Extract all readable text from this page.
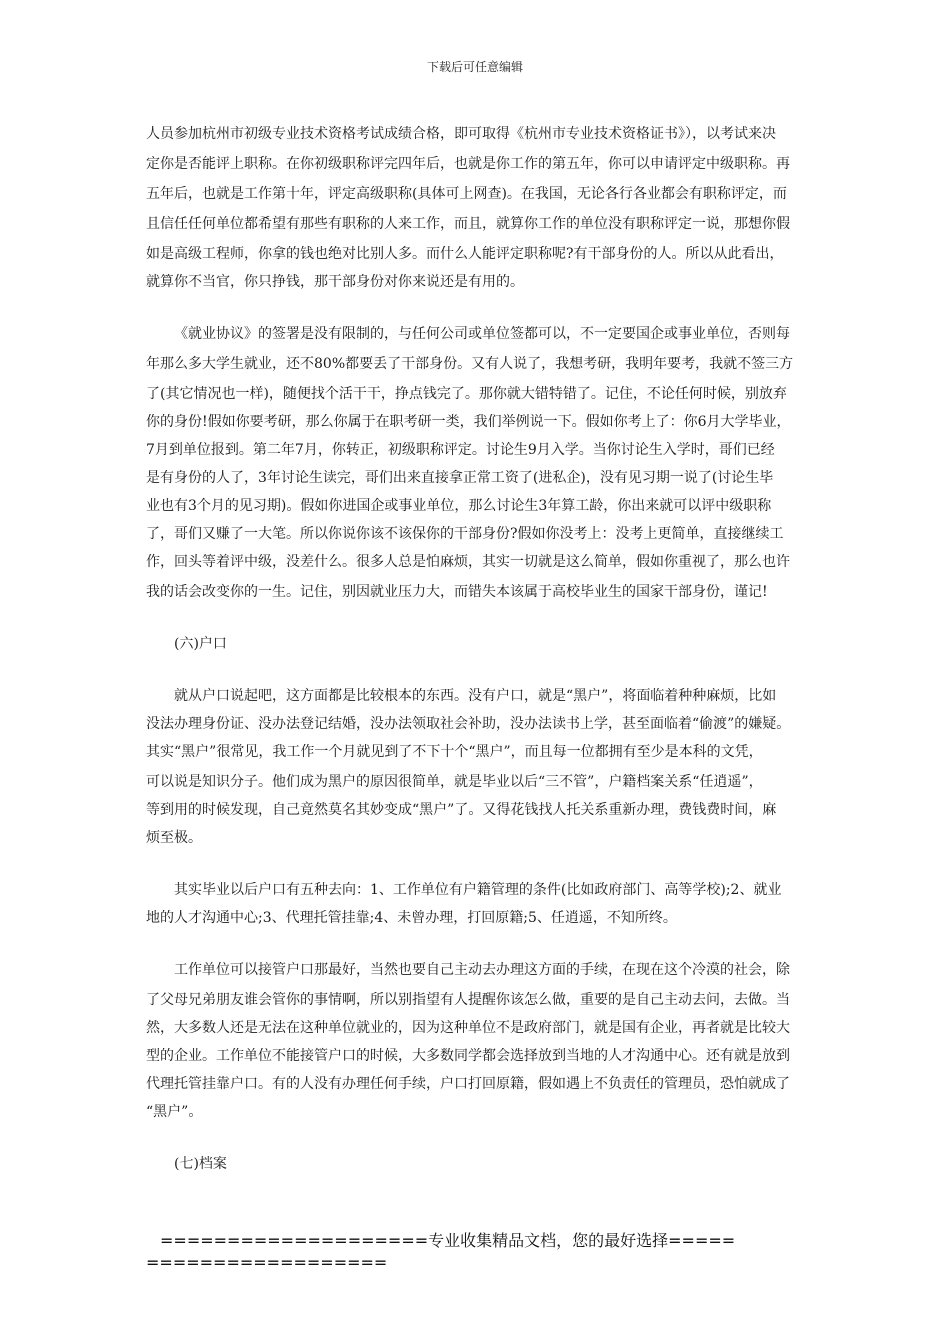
下载后可任意编辑
人员参加杭州市初级专业技术资格考试成绩合格，即可取得《杭州市专业技术资格证书》），以考试来决
定你是否能评上职称。在你初级职称评完四年后，也就是你工作的第五年，你可以申请评定中级职称。再
五年后，也就是工作第十年，评定高级职称(具体可上网查)。在我国，无论各行各业都会有职称评定，而
且信任任何单位都希望有那些有职称的人来工作，而且，就算你工作的单位没有职称评定一说，那想你假
如是高级工程师，你拿的钱也绝对比别人多。而什么人能评定职称呢?有干部身份的人。所以从此看出，
就算你不当官，你只挣钱，那干部身份对你来说还是有用的。
《就业协议》的签署是没有限制的，与任何公司或单位签都可以，不一定要国企或事业单位，否则每
年那么多大学生就业，还不80%都要丢了干部身份。又有人说了，我想考研，我明年要考，我就不签三方
了(其它情况也一样)，随便找个活干干，挣点钱完了。那你就大错特错了。记住，不论任何时候，别放弃
你的身份!假如你要考研，那么你属于在职考研一类，我们举例说一下。假如你考上了：你6月大学毕业，
7月到单位报到。第二年7月，你转正，初级职称评定。讨论生9月入学。当你讨论生入学时，哥们已经
是有身份的人了，3年讨论生读完，哥们出来直接拿正常工资了(进私企)，没有见习期一说了(讨论生毕
业也有3个月的见习期)。假如你进国企或事业单位，那么讨论生3年算工龄，你出来就可以评中级职称
了，哥们又赚了一大笔。所以你说你该不该保你的干部身份?假如你没考上：没考上更简单，直接继续工
作，回头等着评中级，没差什么。很多人总是怕麻烦，其实一切就是这么简单，假如你重视了，那么也许
我的话会改变你的一生。记住，别因就业压力大，而错失本该属于高校毕业生的国家干部身份，谨记!
(六)户口
就从户口说起吧，这方面都是比较根本的东西。没有户口，就是“黑户”，将面临着种种麻烦，比如
没法办理身份证、没办法登记结婚，没办法领取社会补助，没办法读书上学，甚至面临着“偷渡”的嫌疑。
其实“黑户”很常见，我工作一个月就见到了不下十个“黑户”，而且每一位都拥有至少是本科的文凭，
可以说是知识分子。他们成为黑户的原因很简单，就是毕业以后“三不管”，户籍档案关系“任逍遥”，
等到用的时候发现，自己竟然莫名其妙变成“黑户”了。又得花钱找人托关系重新办理，费钱费时间，麻
烦至极。
其实毕业以后户口有五种去向：1、工作单位有户籍管理的条件(比如政府部门、高等学校);2、就业
地的人才沟通中心;3、代理托管挂靠;4、未曾办理，打回原籍;5、任逍遥，不知所终。
工作单位可以接管户口那最好，当然也要自己主动去办理这方面的手续，在现在这个冷漠的社会，除
了父母兄弟朋友谁会管你的事情啊，所以别指望有人提醒你该怎么做，重要的是自己主动去问，去做。当
然，大多数人还是无法在这种单位就业的，因为这种单位不是政府部门，就是国有企业，再者就是比较大
型的企业。工作单位不能接管户口的时候，大多数同学都会选择放到当地的人才沟通中心。还有就是放到
代理托管挂靠户口。有的人没有办理任何手续，户口打回原籍，假如遇上不负责任的管理员，恐怕就成了
“黑户”。
(七)档案
====================专业收集精品文档，您的最好选择=====
==================
